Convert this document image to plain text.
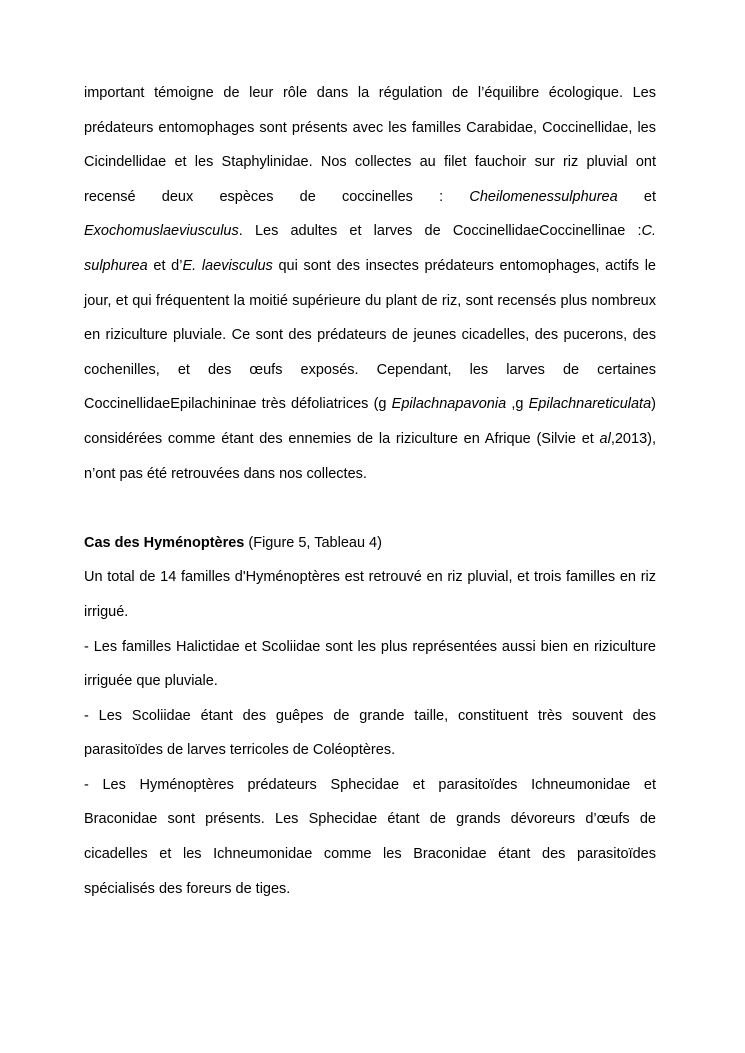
important témoigne de leur rôle dans la régulation de l’équilibre écologique. Les prédateurs entomophages sont présents avec les familles Carabidae, Coccinellidae, les Cicindellidae et les Staphylinidae. Nos collectes au filet fauchoir sur riz pluvial ont recensé deux espèces de coccinelles : Cheilomenessulphurea et Exochomuslaeviusculus. Les adultes et larves de CoccinellidaeCoccinellinae :C. sulphurea et d’E. laevisculus qui sont des insectes prédateurs entomophages, actifs le jour, et qui fréquentent la moitié supérieure du plant de riz, sont recensés plus nombreux en riziculture pluviale. Ce sont des prédateurs de jeunes cicadelles, des pucerons, des cochenilles, et des œufs exposés. Cependant, les larves de certaines CoccinellidaeEpilachininae très défoliatrices (g Epilachnapavonia ,g Epilachnareticulata) considérées comme étant des ennemies de la riziculture en Afrique (Silvie et al,2013), n’ont pas été retrouvées dans nos collectes.

Cas des Hyménoptères (Figure 5, Tableau 4)

Un total de 14 familles d'Hyménoptères est retrouvé en riz pluvial, et trois familles en riz irrigué.

- Les familles Halictidae et Scoliidae sont les plus représentées aussi bien en riziculture irriguée que pluviale.

- Les Scoliidae étant des guêpes de grande taille, constituent très souvent des parasitoïdes de larves terricoles de Coléoptères.

- Les Hyménoptères prédateurs Sphecidae et parasitoïdes Ichneumonidae et Braconidae sont présents. Les Sphecidae étant de grands dévoreurs d’œufs de cicadelles et les Ichneumonidae comme les Braconidae étant des parasitoïdes spécialisés des foreurs de tiges.
